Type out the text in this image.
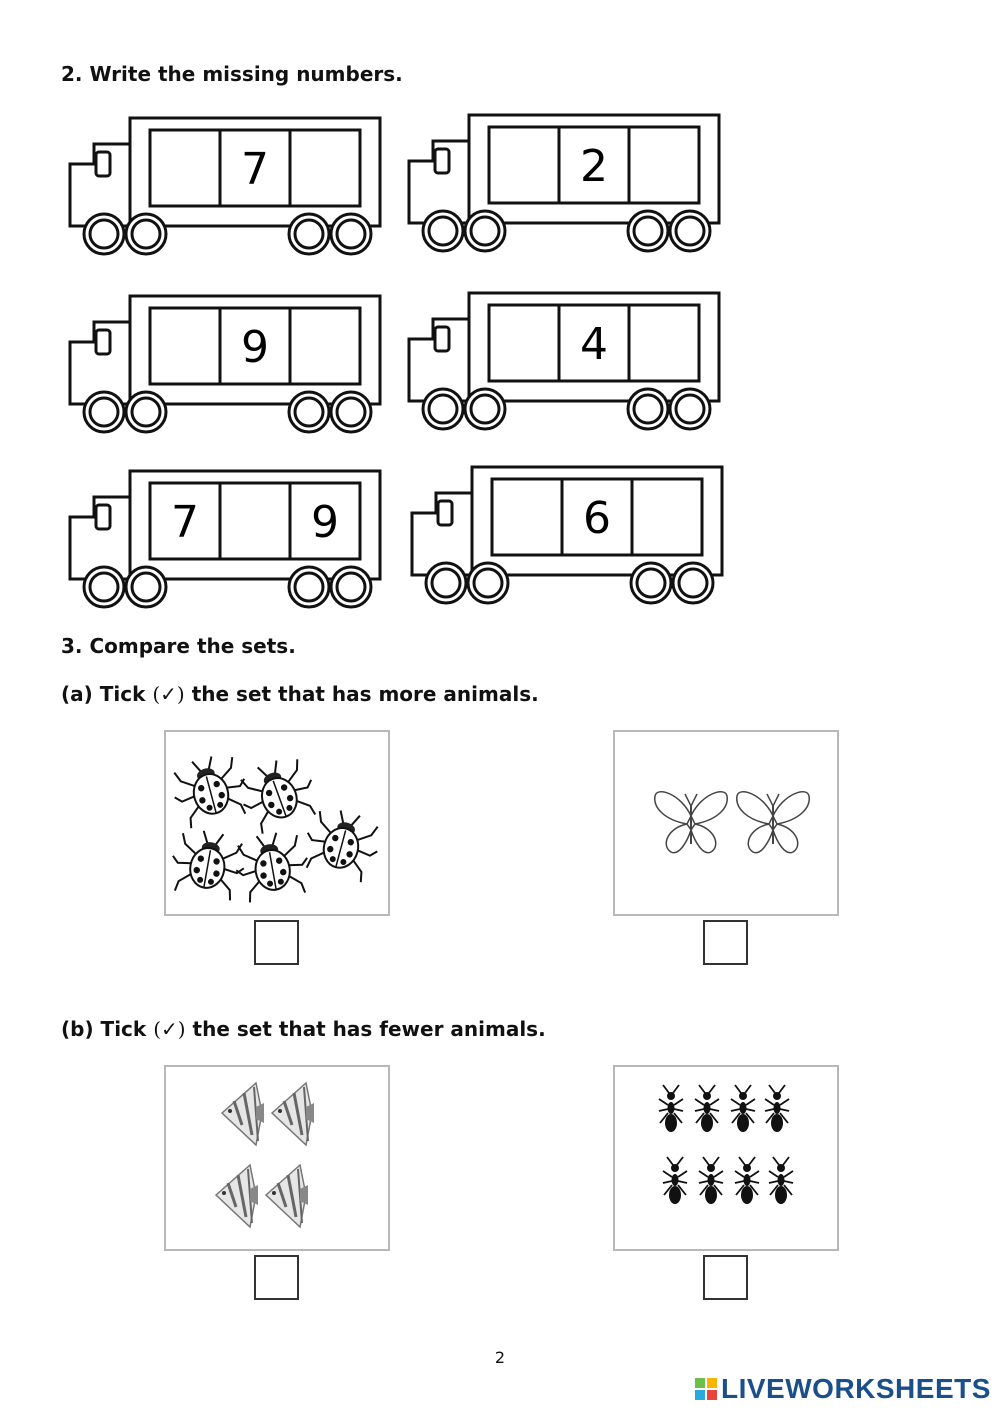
2. Write the missing numbers.

7	2
9	4
7	9	6

3. Compare the sets.

(a) Tick (✓) the set that has more animals.

(b) Tick (✓) the set that has fewer animals.

2
LIVEWORKSHEETS
